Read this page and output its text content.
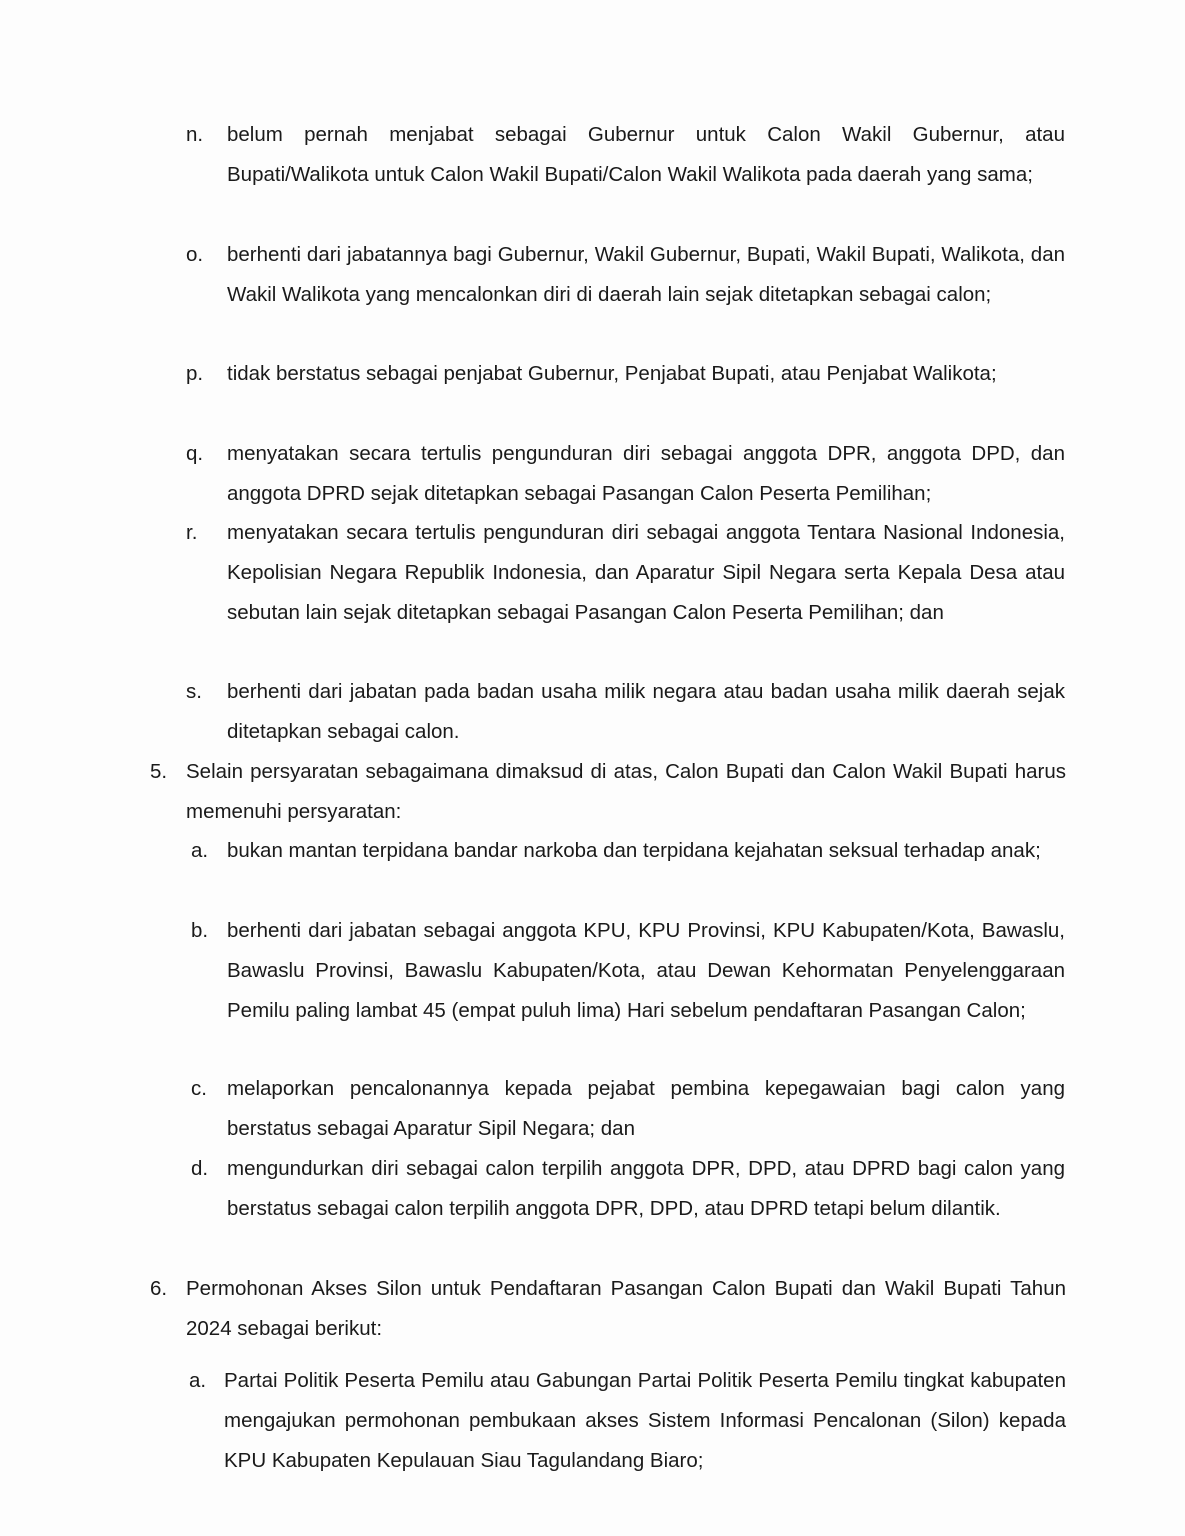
n. belum pernah menjabat sebagai Gubernur untuk Calon Wakil Gubernur, atau Bupati/Walikota untuk Calon Wakil Bupati/Calon Wakil Walikota pada daerah yang sama;
o. berhenti dari jabatannya bagi Gubernur, Wakil Gubernur, Bupati, Wakil Bupati, Walikota, dan Wakil Walikota yang mencalonkan diri di daerah lain sejak ditetapkan sebagai calon;
p. tidak berstatus sebagai penjabat Gubernur, Penjabat Bupati, atau Penjabat Walikota;
q. menyatakan secara tertulis pengunduran diri sebagai anggota DPR, anggota DPD, dan anggota DPRD sejak ditetapkan sebagai Pasangan Calon Peserta Pemilihan;
r. menyatakan secara tertulis pengunduran diri sebagai anggota Tentara Nasional Indonesia, Kepolisian Negara Republik Indonesia, dan Aparatur Sipil Negara serta Kepala Desa atau sebutan lain sejak ditetapkan sebagai Pasangan Calon Peserta Pemilihan; dan
s. berhenti dari jabatan pada badan usaha milik negara atau badan usaha milik daerah sejak ditetapkan sebagai calon.
5. Selain persyaratan sebagaimana dimaksud di atas, Calon Bupati dan Calon Wakil Bupati harus memenuhi persyaratan:
a. bukan mantan terpidana bandar narkoba dan terpidana kejahatan seksual terhadap anak;
b. berhenti dari jabatan sebagai anggota KPU, KPU Provinsi, KPU Kabupaten/Kota, Bawaslu, Bawaslu Provinsi, Bawaslu Kabupaten/Kota, atau Dewan Kehormatan Penyelenggaraan Pemilu paling lambat 45 (empat puluh lima) Hari sebelum pendaftaran Pasangan Calon;
c. melaporkan pencalonannya kepada pejabat pembina kepegawaian bagi calon yang berstatus sebagai Aparatur Sipil Negara; dan
d. mengundurkan diri sebagai calon terpilih anggota DPR, DPD, atau DPRD bagi calon yang berstatus sebagai calon terpilih anggota DPR, DPD, atau DPRD tetapi belum dilantik.
6. Permohonan Akses Silon untuk Pendaftaran Pasangan Calon Bupati dan Wakil Bupati Tahun 2024 sebagai berikut:
a. Partai Politik Peserta Pemilu atau Gabungan Partai Politik Peserta Pemilu tingkat kabupaten mengajukan permohonan pembukaan akses Sistem Informasi Pencalonan (Silon) kepada KPU Kabupaten Kepulauan Siau Tagulandang Biaro;
